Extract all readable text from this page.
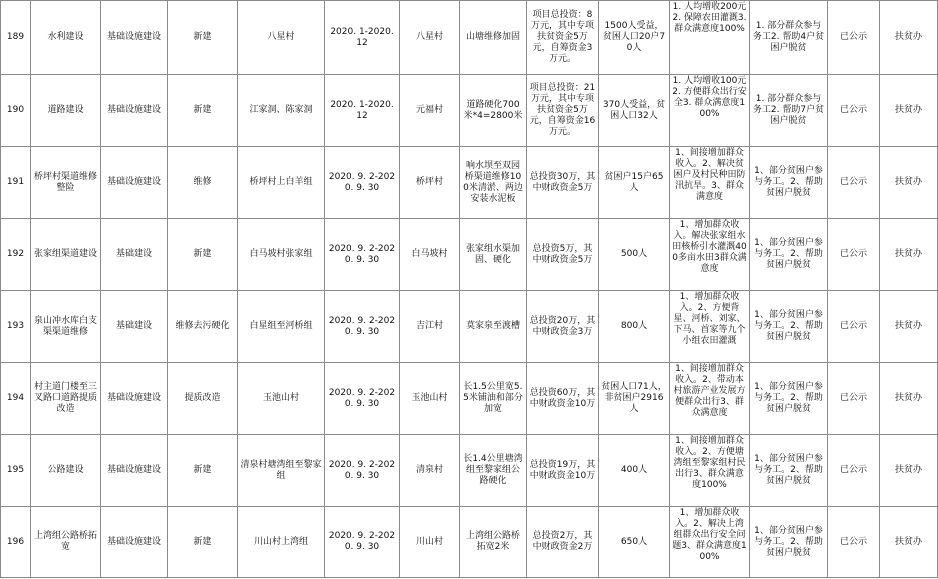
189	水利建设	基础设施建设	新建	八星村	2020. 1-2020. 12	八星村	山塘维修加固	项目总投资：8万元，其中专项扶贫资金5万元，自筹资金3万元。	1500人受益，贫困人口20户70人	1. 人均增收200元2. 保障农田灌溉3. 群众满意度100%	1. 部分群众参与务工2. 帮助4户贫困户脱贫	已公示	扶贫办
190	道路建设	基础设施建设	新建	江家洞、陈家洞	2020. 1-2020. 12	元福村	道路硬化700米*4=2800米	项目总投资：21万元，其中专项扶贫资金5万元，自筹资金16万元。	370人受益，贫困人口32人	1. 人均增收100元2. 方便群众出行安全3. 群众满意度100%	1. 部分群众参与务工2. 帮助7户贫困户脱贫	已公示	扶贫办
191	桥坪村渠道维修整险	基础设施建设	维修	桥坪村上白羊组	2020. 9. 2-2020. 9. 30	桥坪村	响水坝至双园桥渠道维修100米清淤、两边安装水泥板	总投资30万，其中财政资金5万	贫困户15户65人	1、间接增加群众收入。2、解决贫困户及村民种田防汛抗旱。3、群众满意度	1、部分贫困户参与务工。2、帮助贫困户脱贫	已公示	扶贫办
192	张家组渠道建设	基础建设	新建	白马坡村张家组	2020. 9. 2-2020. 9. 30	白马坡村	张家组水渠加固、硬化	总投资5万，其中财政资金5万	500人	1、增加群众收入。解决张家组水田核桥引水灌溉400多亩水田3群众满意度	1、部分贫困户参与务工。2、帮助贫困户脱贫	已公示	扶贫办
193	泉山冲水库白支渠渠道维修	基础建设	维修去污硬化	白星组至河桥组	2020. 9. 2-2020. 9. 30	吉江村	莫家泉至渡槽	总投资20万，其中财政资金3万	800人	1、增加群众收入。2、方便背星、河桥、刘家、下马、首家等九个小组农田灌溉	1、部分贫困户参与务工。2、帮助贫困户脱贫	已公示	扶贫办
194	村主道门楼至三叉路口道路提质改造	基础设施建设	提质改造	玉池山村	2020. 9. 2-2020. 9. 30	玉池山村	长1.5公里宽5. 5米铺油和部分加宽	总投资60万，其中财政资金10万	贫困人口71人，非贫困户2916人	1、间接增加群众收入。2、带动本村旅游产业发展方便群众出行3、群众满意度	1、部分贫困户参与务工。2、帮助贫困户脱贫	已公示	扶贫办
195	公路建设	基础设施建设	新建	清泉村塘湾组至黎家组	2020. 9. 2-2020. 9. 30	清泉村	长1.4公里塘湾组至黎家组公路硬化	总投资19万，其中财政资金10万	400人	1、间接增加群众收入。2、方便塘湾组至黎家组村民出行3、群众满意度100%	1、部分贫困户参与务工。2、帮助贫困户脱贫	已公示	扶贫办
196	上湾组公路桥拓宽	基础设施建设	新建	川山村上湾组	2020. 9. 2-2020. 9. 30	川山村	上湾组公路桥拓宽2米	总投资2万，其中财政资金2万	650人	1、增加群众收入。2、解决上湾组群众出行安全问题3、群众满意度100%	1、部分贫困户参与务工。2、帮助贫困户脱贫	已公示	扶贫办
